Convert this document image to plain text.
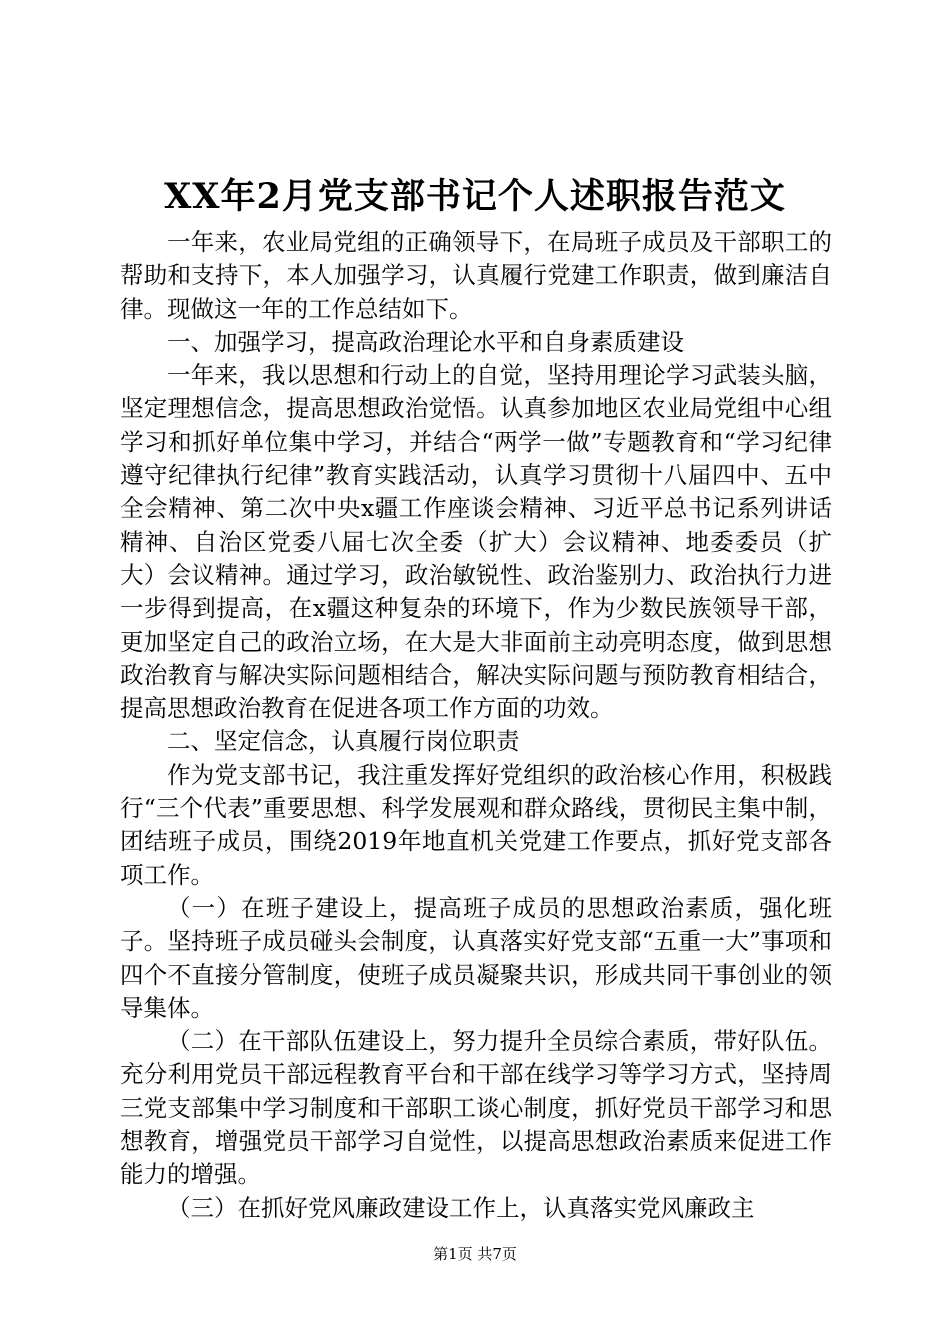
XX年2月党支部书记个人述职报告范文

一年来，农业局党组的正确领导下，在局班子成员及干部职工的帮助和支持下，本人加强学习，认真履行党建工作职责，做到廉洁自律。现做这一年的工作总结如下。

一、加强学习，提高政治理论水平和自身素质建设

一年来，我以思想和行动上的自觉，坚持用理论学习武装头脑，坚定理想信念，提高思想政治觉悟。认真参加地区农业局党组中心组学习和抓好单位集中学习，并结合“两学一做”专题教育和“学习纪律遵守纪律执行纪律”教育实践活动，认真学习贯彻十八届四中、五中全会精神、第二次中央x疆工作座谈会精神、习近平总书记系列讲话精神、自治区党委八届七次全委（扩大）会议精神、地委委员（扩大）会议精神。通过学习，政治敏锐性、政治鉴别力、政治执行力进一步得到提高，在x疆这种复杂的环境下，作为少数民族领导干部，更加坚定自己的政治立场，在大是大非面前主动亮明态度，做到思想政治教育与解决实际问题相结合，解决实际问题与预防教育相结合，提高思想政治教育在促进各项工作方面的功效。

二、坚定信念，认真履行岗位职责

作为党支部书记，我注重发挥好党组织的政治核心作用，积极践行“三个代表”重要思想、科学发展观和群众路线，贯彻民主集中制，团结班子成员，围绕2019年地直机关党建工作要点，抓好党支部各项工作。

（一）在班子建设上，提高班子成员的思想政治素质，强化班子。坚持班子成员碰头会制度，认真落实好党支部“五重一大”事项和四个不直接分管制度，使班子成员凝聚共识，形成共同干事创业的领导集体。

（二）在干部队伍建设上，努力提升全员综合素质，带好队伍。充分利用党员干部远程教育平台和干部在线学习等学习方式，坚持周三党支部集中学习制度和干部职工谈心制度，抓好党员干部学习和思想教育，增强党员干部学习自觉性，以提高思想政治素质来促进工作能力的增强。

（三）在抓好党风廉政建设工作上，认真落实党风廉政主

第1页 共7页
